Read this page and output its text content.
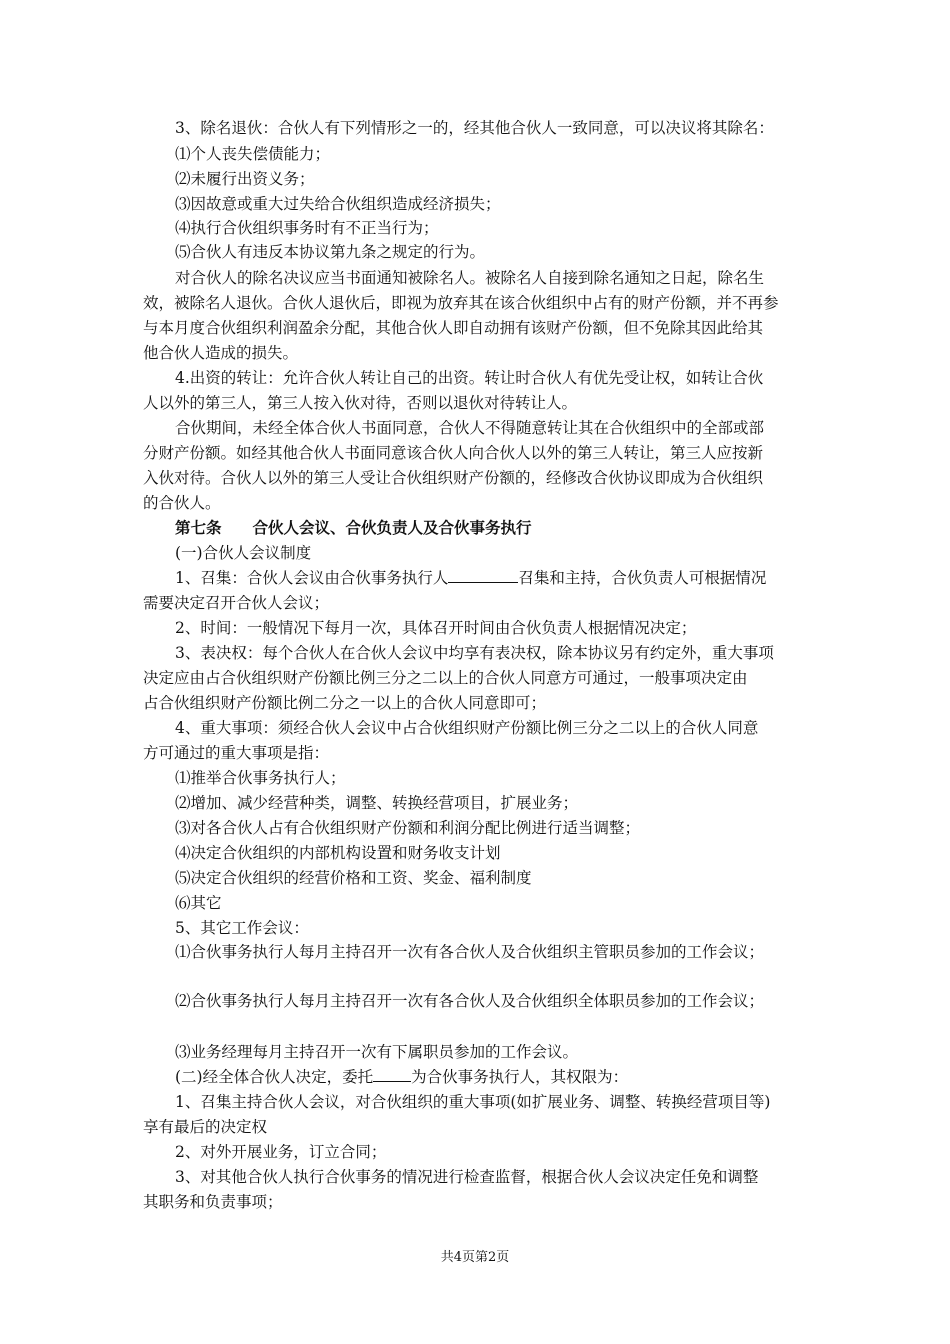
3、除名退伙：合伙人有下列情形之一的，经其他合伙人一致同意，可以决议将其除名：
⑴个人丧失偿债能力；
⑵未履行出资义务；
⑶因故意或重大过失给合伙组织造成经济损失；
⑷执行合伙组织事务时有不正当行为；
⑸合伙人有违反本协议第九条之规定的行为。
对合伙人的除名决议应当书面通知被除名人。被除名人自接到除名通知之日起，除名生
效，被除名人退伙。合伙人退伙后，即视为放弃其在该合伙组织中占有的财产份额，并不再参
与本月度合伙组织利润盈余分配，其他合伙人即自动拥有该财产份额，但不免除其因此给其
他合伙人造成的损失。
4.出资的转让：允许合伙人转让自己的出资。转让时合伙人有优先受让权，如转让合伙
人以外的第三人，第三人按入伙对待，否则以退伙对待转让人。
合伙期间，未经全体合伙人书面同意，合伙人不得随意转让其在合伙组织中的全部或部
分财产份额。如经其他合伙人书面同意该合伙人向合伙人以外的第三人转让，第三人应按新
入伙对待。合伙人以外的第三人受让合伙组织财产份额的，经修改合伙协议即成为合伙组织
的合伙人。
第七条　　合伙人会议、合伙负责人及合伙事务执行
(一)合伙人会议制度
1、召集：合伙人会议由合伙事务执行人	召集和主持，合伙负责人可根据情况
需要决定召开合伙人会议；
2、时间：一般情况下每月一次，具体召开时间由合伙负责人根据情况决定；
3、表决权：每个合伙人在合伙人会议中均享有表决权，除本协议另有约定外，重大事项
决定应由占合伙组织财产份额比例三分之二以上的合伙人同意方可通过，一般事项决定由
占合伙组织财产份额比例二分之一以上的合伙人同意即可；
4、重大事项：须经合伙人会议中占合伙组织财产份额比例三分之二以上的合伙人同意
方可通过的重大事项是指：
⑴推举合伙事务执行人；
⑵增加、减少经营种类，调整、转换经营项目，扩展业务；
⑶对各合伙人占有合伙组织财产份额和利润分配比例进行适当调整；
⑷决定合伙组织的内部机构设置和财务收支计划
⑸决定合伙组织的经营价格和工资、奖金、福利制度
⑹其它
5、其它工作会议：
⑴合伙事务执行人每月主持召开一次有各合伙人及合伙组织主管职员参加的工作会议；
⑵合伙事务执行人每月主持召开一次有各合伙人及合伙组织全体职员参加的工作会议；
⑶业务经理每月主持召开一次有下属职员参加的工作会议。
(二)经全体合伙人决定，委托 为合伙事务执行人，其权限为：
1、召集主持合伙人会议，对合伙组织的重大事项(如扩展业务、调整、转换经营项目等)
享有最后的决定权
2、对外开展业务，订立合同；
3、对其他合伙人执行合伙事务的情况进行检查监督，根据合伙人会议决定任免和调整
其职务和负责事项；
共4页第2页
